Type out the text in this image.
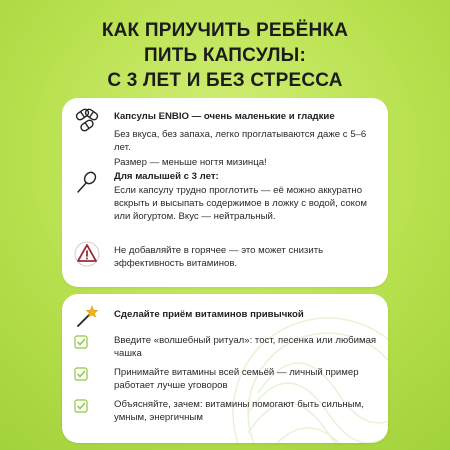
КАК ПРИУЧИТЬ РЕБЁНКА
ПИТЬ КАПСУЛЫ:
С 3 ЛЕТ И БЕЗ СТРЕССА
Капсулы ENBIO — очень маленькие и гладкие
Без вкуса, без запаха, легко проглатываются даже с 5–6 лет.
Размер — меньше ногтя мизинца!
Для малышей с 3 лет:
Если капсулу трудно проглотить — её можно аккуратно вскрыть и высыпать содержимое в ложку с водой, соком или йогуртом. Вкус — нейтральный.
Не добавляйте в горячее — это может снизить эффективность витаминов.
Сделайте приём витаминов привычкой
Введите «волшебный ритуал»: тост, песенка или любимая чашка
Принимайте витамины всей семьёй — личный пример работает лучше уговоров
Объясняйте, зачем: витамины помогают быть сильным, умным, энергичным
